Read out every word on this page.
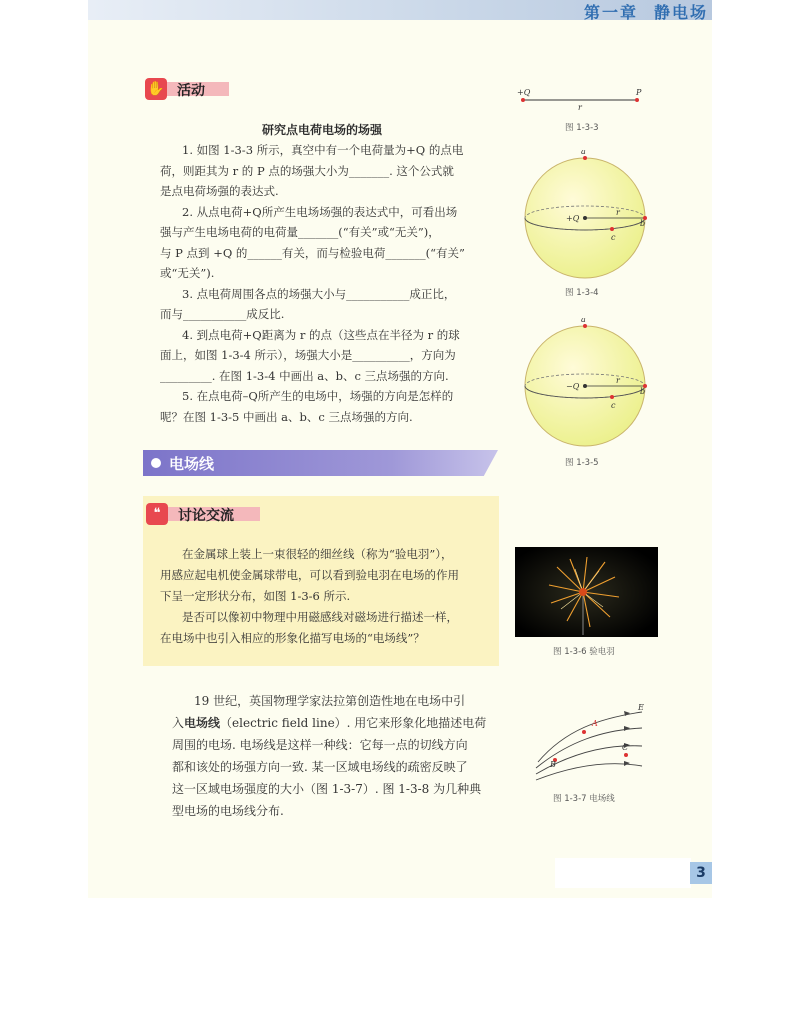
第一章 静电场
✋ 活动
研究点电荷电场的场强
1. 如图 1-3-3 所示，真空中有一个电荷量为+Q 的点电
荷，则距其为 r 的 P 点的场强大小为_______. 这个公式就
是点电荷场强的表达式.
2. 从点电荷+Q所产生电场场强的表达式中，可看出场
强与产生电场电荷的电荷量_______(“有关”或“无关”)，
与 P 点到 +Q 的______有关，而与检验电荷_______(“有关”
或“无关”).
3. 点电荷周围各点的场强大小与___________成正比，
而与___________成反比.
4. 到点电荷+Q距离为 r 的点（这些点在半径为 r 的球
面上，如图 1-3-4 所示），场强大小是__________，方向为
_________. 在图 1-3-4 中画出 a、b、c 三点场强的方向.
5. 在点电荷–Q所产生的电场中，场强的方向是怎样的
呢？在图 1-3-5 中画出 a、b、c 三点场强的方向.
电场线
❝	讨论交流
在金属球上装上一束很轻的细丝线（称为“验电羽”），
用感应起电机使金属球带电，可以看到验电羽在电场的作用
下呈一定形状分布，如图 1-3-6 所示.
是否可以像初中物理中用磁感线对磁场进行描述一样，
在电场中也引入相应的形象化描写电场的“电场线”？
19 世纪，英国物理学家法拉第创造性地在电场中引
入电场线（electric field line）. 用它来形象化地描述电荷
周围的电场. 电场线是这样一种线：它每一点的切线方向
都和该处的场强方向一致. 某一区域电场线的疏密反映了
这一区域电场强度的大小（图 1-3-7）. 图 1-3-8 为几种典
型电场的电场线分布.
+Q
r
P
图 1-3-3
+Q
a
b
c
r
图 1-3-4
−Q
a
b
c
r
图 1-3-5
图 1-3-6 验电羽
E
A
B
C
图 1-3-7 电场线
3
